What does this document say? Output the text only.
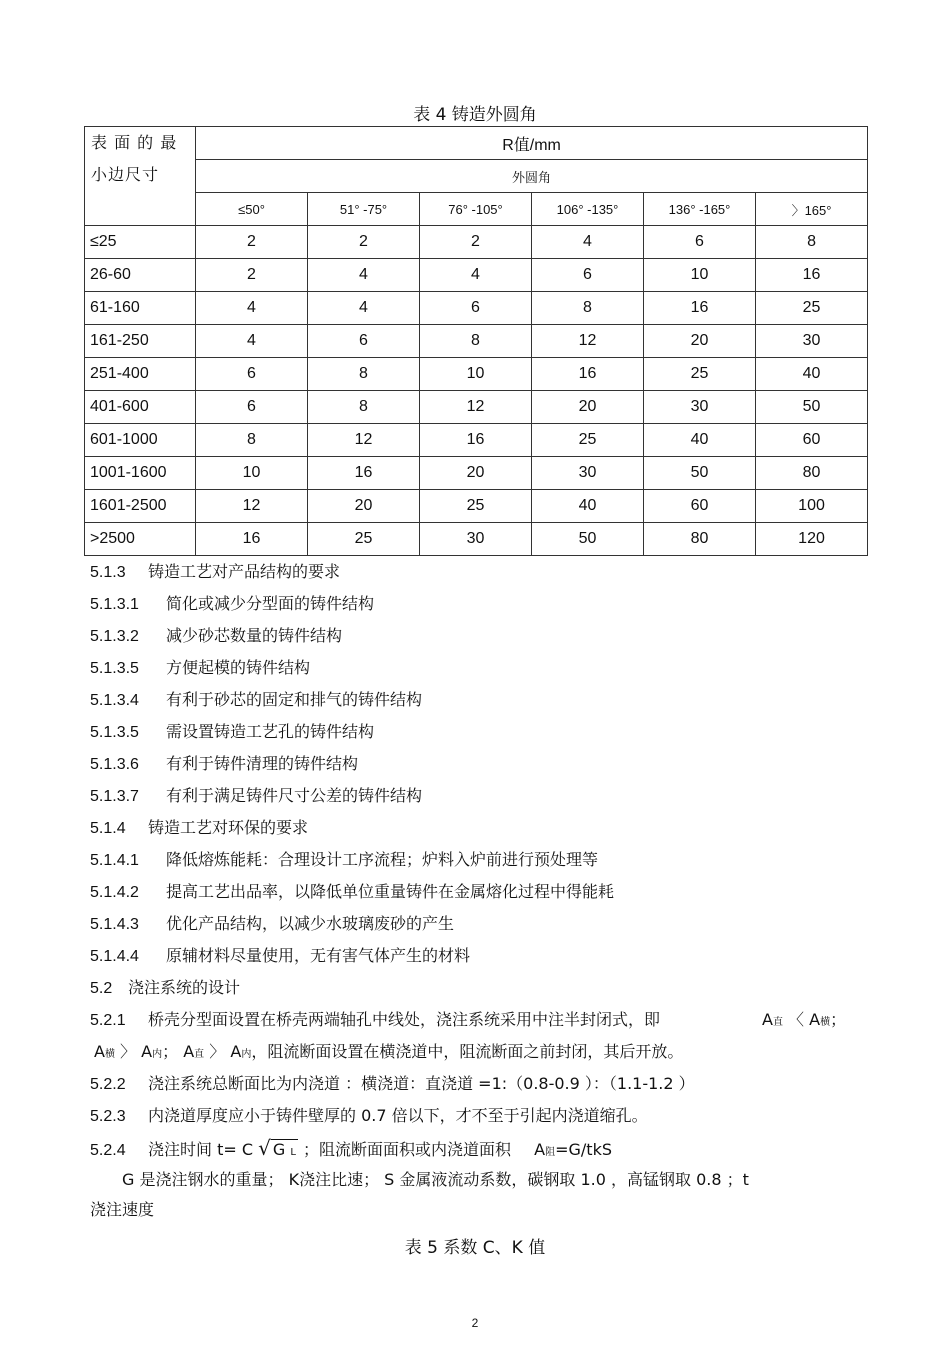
表 4 铸造外圆角
表 面 的 最
小边尺寸	R值/mm					
	外圆角					
	≤50°	51° -75°	76° -105°	106° -135°	136° -165°	〉165°
≤25	2	2	2	4	6	8
26-60	2	4	4	6	10	16
61-160	4	4	6	8	16	25
161-250	4	6	8	12	20	30
251-400	6	8	10	16	25	40
401-600	6	8	12	20	30	50
601-1000	8	12	16	25	40	60
1001-1600	10	16	20	30	50	80
1601-2500	12	20	25	40	60	100
>2500	16	25	30	50	80	120
5.1.3 铸造工艺对产品结构的要求
5.1.3.1 简化或减少分型面的铸件结构
5.1.3.2 减少砂芯数量的铸件结构
5.1.3.5 方便起模的铸件结构
5.1.3.4 有利于砂芯的固定和排气的铸件结构
5.1.3.5 需设置铸造工艺孔的铸件结构
5.1.3.6 有利于铸件清理的铸件结构
5.1.3.7 有利于满足铸件尺寸公差的铸件结构
5.1.4 铸造工艺对环保的要求
5.1.4.1 降低熔炼能耗：合理设计工序流程；炉料入炉前进行预处理等
5.1.4.2 提高工艺出品率，以降低单位重量铸件在金属熔化过程中得能耗
5.1.4.3 优化产品结构，以减少水玻璃废砂的产生
5.1.4.4 原辅材料尽量使用，无有害气体产生的材料
5.2 浇注系统的设计
5.2.1 桥壳分型面设置在桥壳两端轴孔中线处，浇注系统采用中注半封闭式，即	A直 〈 A横；
A横 〉 A内； A直 〉 A内，阻流断面设置在横浇道中，阻流断面之前封闭，其后开放。
5.2.2 浇注系统总断面比为内浇道 ：横浇道：直浇道 =1:（0.8-0.9 ）：（1.1-1.2 ）
5.2.3 内浇道厚度应小于铸件壁厚的 0.7 倍以下，才不至于引起内浇道缩孔。
5.2.4 浇注时间 t= C √ G L ；阻流断面面积或内浇道面积 A阻=G/tkS
G 是浇注钢水的重量； K浇注比速； S 金属液流动系数，碳钢取 1.0 ，高锰钢取 0.8 ；t
浇注速度
表 5 系数 C、K 值
2
